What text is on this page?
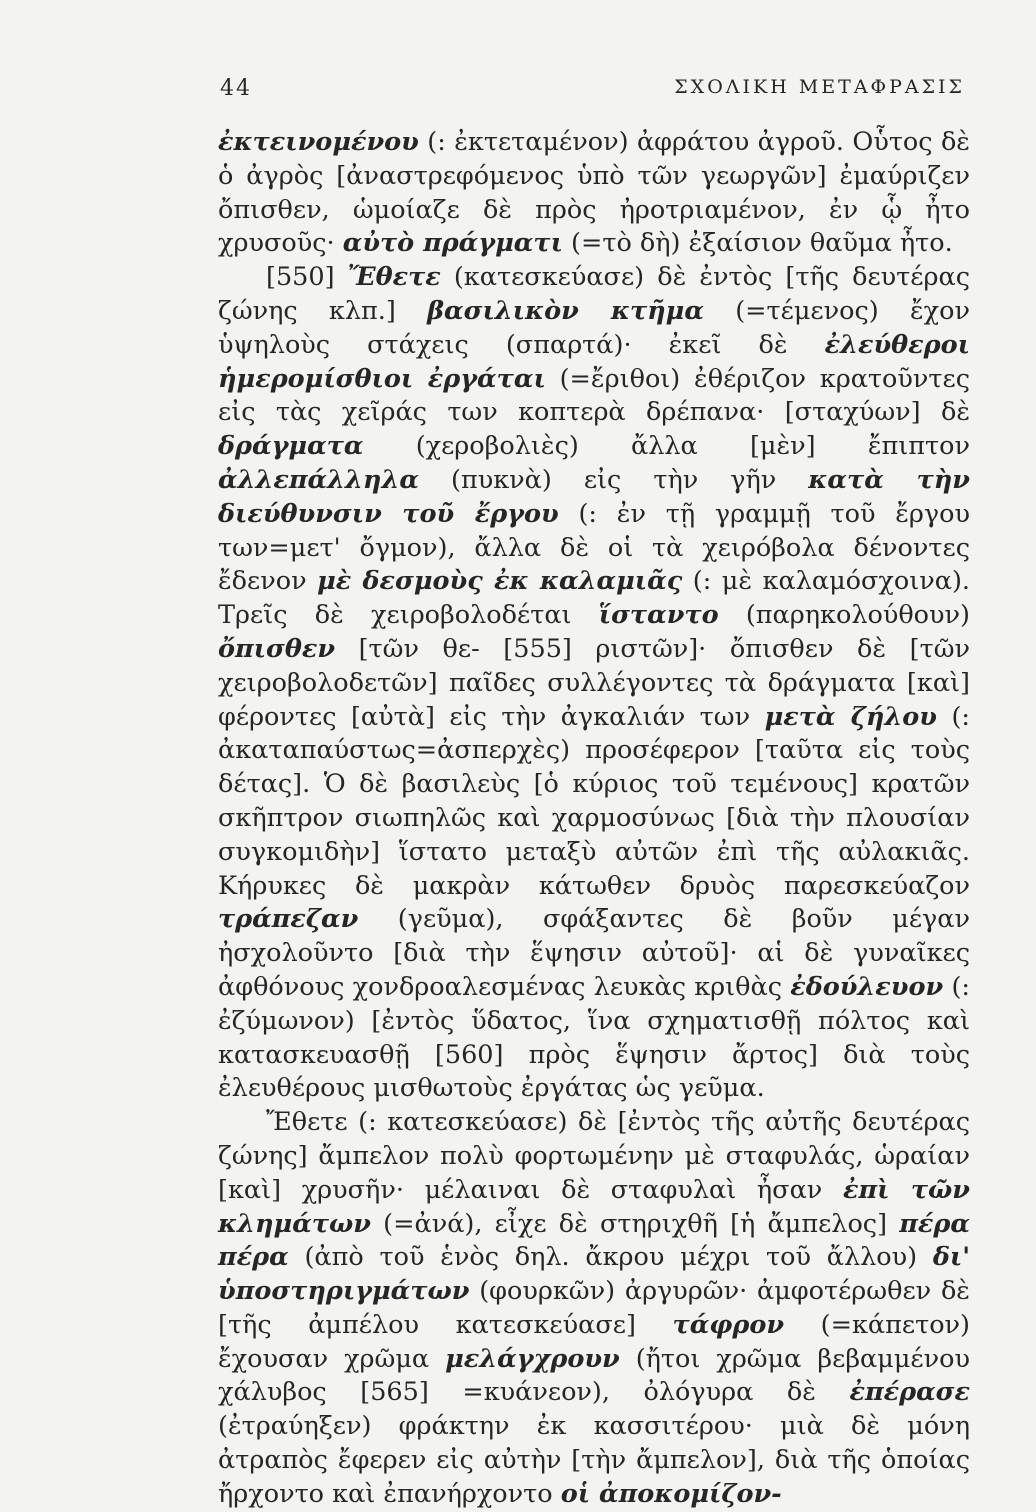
44	ΣΧΟΛΙΚΗ ΜΕΤΑΦΡΑΣΙΣ

ἐκτεινομένου (: ἐκτεταμένον) ἀφράτου ἀγροῦ. Οὗτος δὲ ὁ ἀγρὸς [ἀναστρεφόμενος ὑπὸ τῶν γεωργῶν] ἐμαύριζεν ὄπισθεν, ὡμοίαζε δὲ πρὸς ἠροτριαμένον, ἐν ᾧ ἦτο χρυσοῦς· αὐτὸ πράγματι (=τὸ δὴ) ἐξαίσιον θαῦμα ἦτο.

[550] Ἔθετε (κατεσκεύασε) δὲ ἐντὸς [τῆς δευτέρας ζώνης κλπ.] βασιλικὸν κτῆμα (=τέμενος) ἔχον ὑψηλοὺς στάχεις (σπαρτά)· ἐκεῖ δὲ ἐλεύθεροι ἡμερομίσθιοι ἐργάται (=ἔριθοι) ἐθέριζον κρατοῦντες εἰς τὰς χεῖράς των κοπτερὰ δρέπανα· [σταχύων] δὲ δράγματα (χερoβολιὲς) ἄλλα [μὲν] ἔπιπτον ἀλλεπάλληλα (πυκνὰ) εἰς τὴν γῆν κατὰ τὴν διεύθυνσιν τοῦ ἔργου (: ἐν τῇ γραμμῇ τοῦ ἔργου των=μετ' ὄγμον), ἄλλα δὲ οἱ τὰ χειρόβολα δένοντες ἔδενον μὲ δεσμοὺς ἐκ καλαμιᾶς (: μὲ καλαμόσχοινα). Τρεῖς δὲ χειροβολοδέται ἵσταντο (παρηκολούθουν) ὄπισθεν [τῶν θε- [555] ριστῶν]· ὄπισθεν δὲ [τῶν χειροβολοδετῶν] παῖδες συλλέγοντες τὰ δράγματα [καὶ] φέροντες [αὐτὰ] εἰς τὴν ἀγκαλιάν των μετὰ ζήλου (: ἀκαταπαύστως=ἀσπερχὲς) προσέφερον [ταῦτα εἰς τοὺς δέτας]. Ὁ δὲ βασιλεὺς [ὁ κύριος τοῦ τεμένους] κρατῶν σκῆπτρον σιωπηλῶς καὶ χαρμοσύνως [διὰ τὴν πλουσίαν συγκομιδὴν] ἵστατο μεταξὺ αὐτῶν ἐπὶ τῆς αὐλακιᾶς. Κήρυκες δὲ μακρὰν κάτωθεν δρυὸς παρεσκεύαζον τράπεζαν (γεῦμα), σφάξαντες δὲ βοῦν μέγαν ἠσχολοῦντο [διὰ τὴν ἕψησιν αὐτοῦ]· αἱ δὲ γυναῖκες ἀφθόνους χονδροαλεσμένας λευκὰς κριθὰς ἐδούλευον (: ἐζύμωνον) [ἐντὸς ὕδατος, ἵνα σχηματισθῇ πόλτος καὶ κατασκευασθῇ [560] πρὸς ἕψησιν ἄρτος] διὰ τοὺς ἐλευθέρους μισθωτοὺς ἐργάτας ὡς γεῦμα.

Ἔθετε (: κατεσκεύασε) δὲ [ἐντὸς τῆς αὐτῆς δευτέρας ζώνης] ἄμπελον πολὺ φορτωμένην μὲ σταφυλάς, ὡραίαν [καὶ] χρυσῆν· μέλαιναι δὲ σταφυλαὶ ἦσαν ἐπὶ τῶν κλημάτων (=ἀνά), εἶχε δὲ στηριχθῆ [ἡ ἄμπελος] πέρα πέρα (ἀπὸ τοῦ ἑνὸς δηλ. ἄκρου μέχρι τοῦ ἄλλου) δι' ὑποστηριγμάτων (φουρκῶν) ἀργυρῶν· ἀμφοτέρωθεν δὲ [τῆς ἀμπέλου κατεσκεύασε] τάφρον (=κάπετον) ἔχουσαν χρῶμα μελάγχρουν (ἤτοι χρῶμα βεβαμμένου χάλυβος [565] =κυάνεον), ὀλόγυρα δὲ ἐπέρασε (ἐτραύηξεν) φράκτην ἐκ κασσιτέρου· μιὰ δὲ μόνη ἀτραπὸς ἔφερεν εἰς αὐτὴν [τὴν ἄμπελον], διὰ τῆς ὁποίας ἤρχοντο καὶ ἐπανήρχοντο οἱ ἀποκομίζον-
